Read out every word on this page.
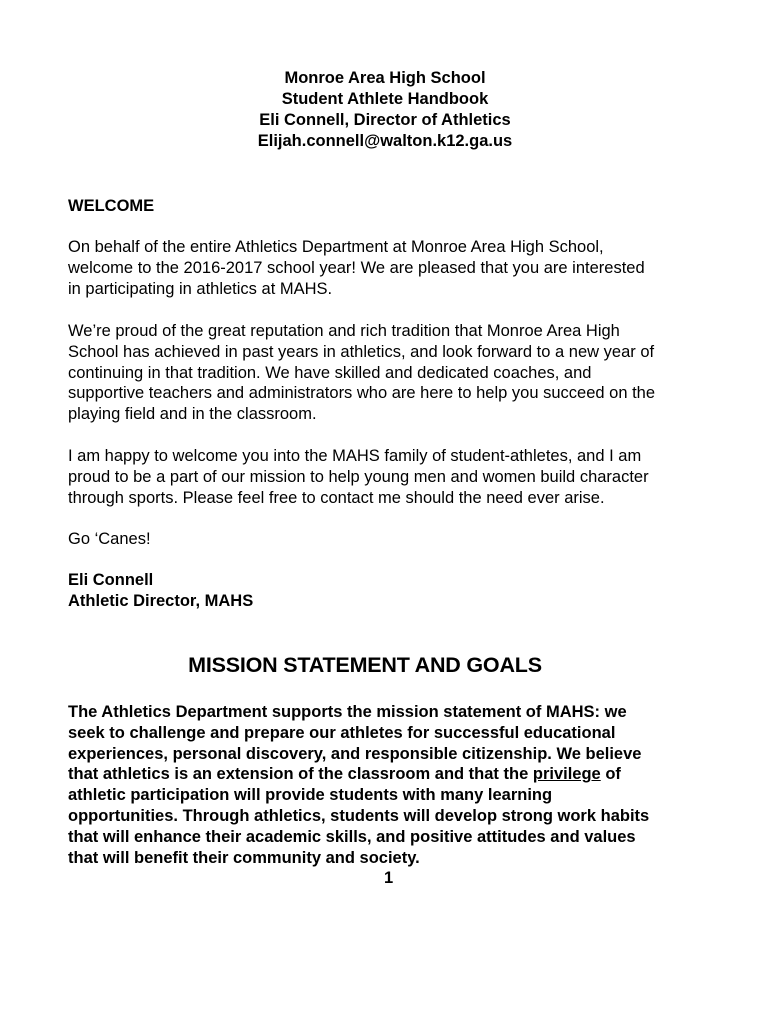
Monroe Area High School
Student Athlete Handbook
Eli Connell, Director of Athletics
Elijah.connell@walton.k12.ga.us
WELCOME

On behalf of the entire Athletics Department at Monroe Area High School,
welcome to the 2016-2017 school year! We are pleased that you are interested
in participating in athletics at MAHS.

We’re proud of the great reputation and rich tradition that Monroe Area High
School has achieved in past years in athletics, and look forward to a new year of
continuing in that tradition. We have skilled and dedicated coaches, and
supportive teachers and administrators who are here to help you succeed on the
playing field and in the classroom.

I am happy to welcome you into the MAHS family of student-athletes, and I am
proud to be a part of our mission to help young men and women build character
through sports. Please feel free to contact me should the need ever arise.

Go ‘Canes!

Eli Connell
Athletic Director, MAHS
MISSION STATEMENT AND GOALS

The Athletics Department supports the mission statement of MAHS: we
seek to challenge and prepare our athletes for successful educational
experiences, personal discovery, and responsible citizenship. We believe
that athletics is an extension of the classroom and that the privilege of
athletic participation will provide students with many learning
opportunities. Through athletics, students will develop strong work habits
that will enhance their academic skills, and positive attitudes and values
that will benefit their community and society.

1
